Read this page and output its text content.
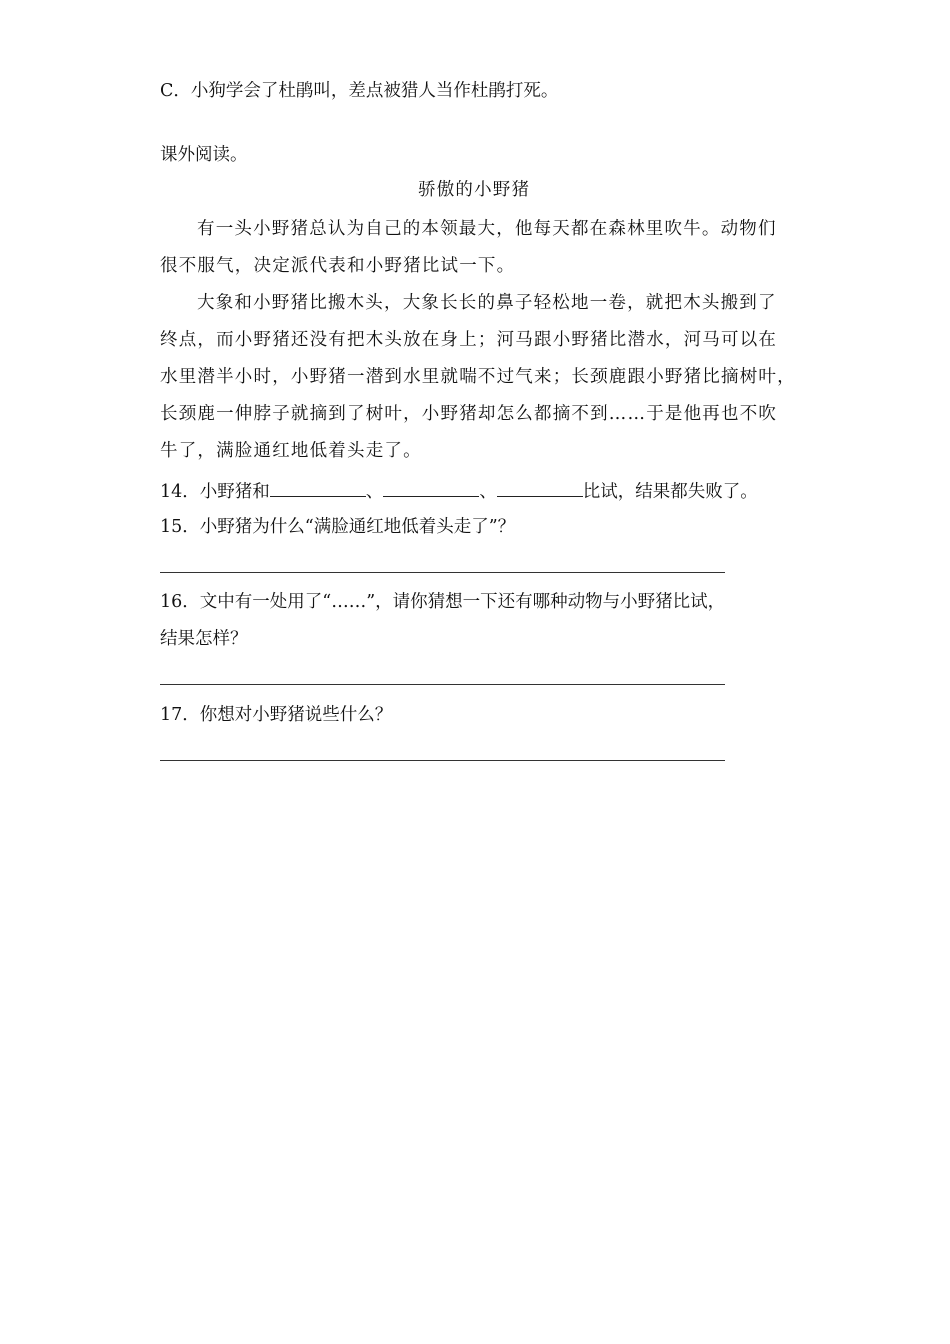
C．小狗学会了杜鹃叫，差点被猎人当作杜鹃打死。
课外阅读。
骄傲的小野猪
有一头小野猪总认为自己的本领最大，他每天都在森林里吹牛。动物们
很不服气，决定派代表和小野猪比试一下。
大象和小野猪比搬木头，大象长长的鼻子轻松地一卷，就把木头搬到了
终点，而小野猪还没有把木头放在身上；河马跟小野猪比潜水，河马可以在
水里潜半小时，小野猪一潜到水里就喘不过气来；长颈鹿跟小野猪比摘树叶，
长颈鹿一伸脖子就摘到了树叶，小野猪却怎么都摘不到……于是他再也不吹
牛了，满脸通红地低着头走了。
14．小野猪和	、	、	比试，结果都失败了。
15．小野猪为什么“满脸通红地低着头走了”？
16．文中有一处用了“……”，请你猜想一下还有哪种动物与小野猪比试，
结果怎样？
17．你想对小野猪说些什么？
